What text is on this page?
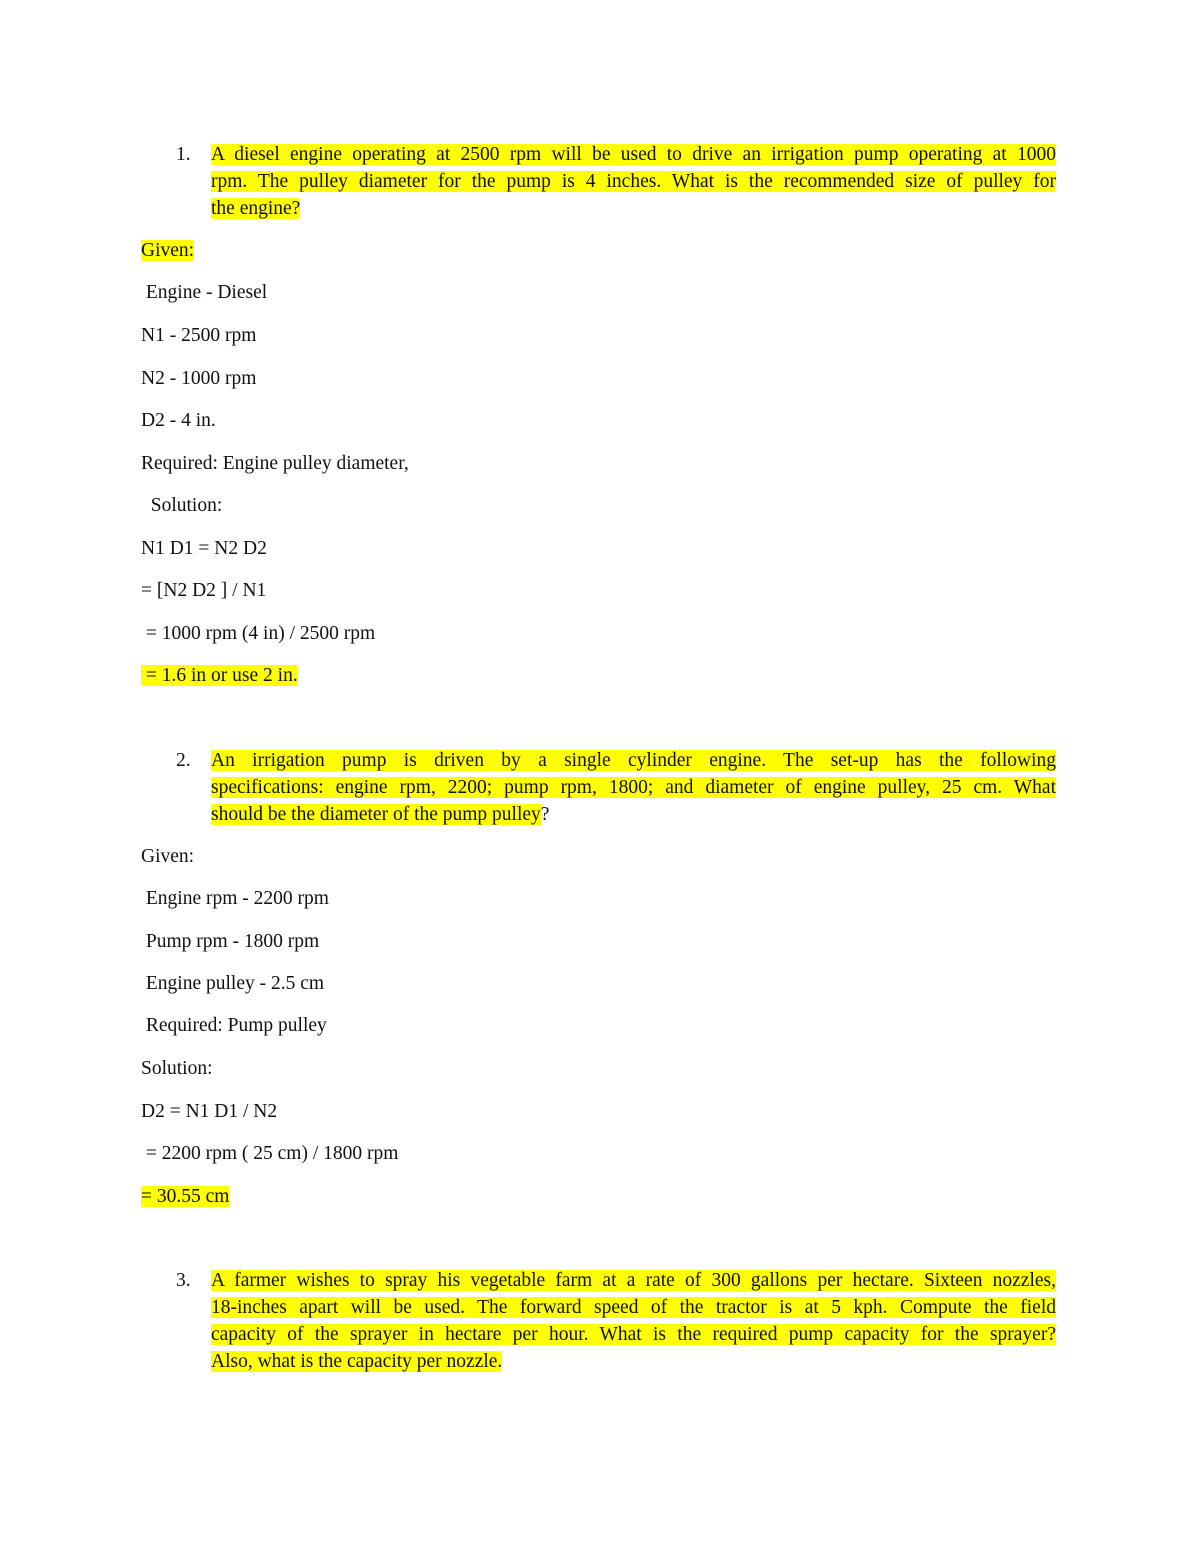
1.	A diesel engine operating at 2500 rpm will be used to drive an irrigation pump operating at 1000
rpm. The pulley diameter for the pump is 4 inches. What is the recommended size of pulley for
the engine?
Given:
Engine - Diesel
N1 - 2500 rpm
N2 - 1000 rpm
D2 - 4 in.
Required: Engine pulley diameter,
Solution:
N1 D1 = N2 D2
= [N2 D2 ] / N1
= 1000 rpm (4 in) / 2500 rpm
= 1.6 in or use 2 in.
2.	An irrigation pump is driven by a single cylinder engine. The set-up has the following
specifications: engine rpm, 2200; pump rpm, 1800; and diameter of engine pulley, 25 cm. What
should be the diameter of the pump pulley?
Given:
Engine rpm - 2200 rpm
Pump rpm - 1800 rpm
Engine pulley - 2.5 cm
Required: Pump pulley
Solution:
D2 = N1 D1 / N2
= 2200 rpm ( 25 cm) / 1800 rpm
= 30.55 cm
3.	A farmer wishes to spray his vegetable farm at a rate of 300 gallons per hectare. Sixteen nozzles,
18-inches apart will be used. The forward speed of the tractor is at 5 kph. Compute the field
capacity of the sprayer in hectare per hour. What is the required pump capacity for the sprayer?
Also, what is the capacity per nozzle.
